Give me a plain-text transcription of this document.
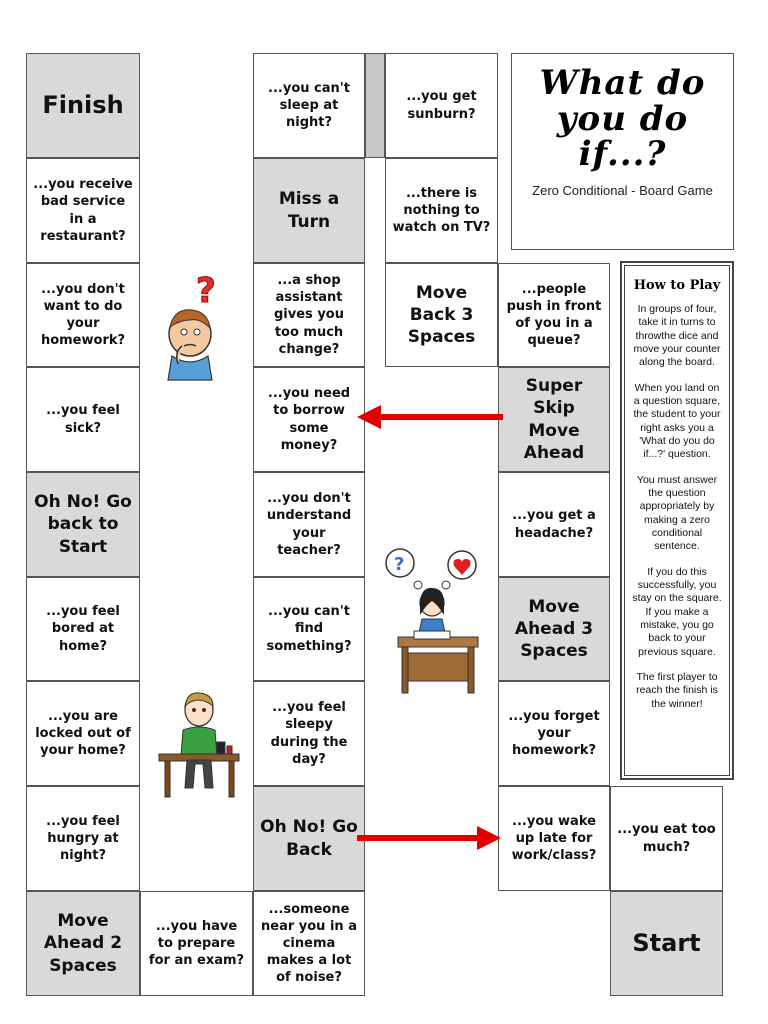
Finish
...you receive bad service in a restaurant?
...you don't want to do your homework?
...you feel sick?
Oh No! Go back to Start
...you feel bored at home?
...you are locked out of your home?
...you feel hungry at night?
Move Ahead 2 Spaces
...you have to prepare for an exam?
...you can't sleep at night?
Miss a Turn
...a shop assistant gives you too much change?
...you need to borrow some money?
...you don't understand your teacher?
...you can't find something?
...you feel sleepy during the day?
Oh No! Go Back
...someone near you in a cinema makes a lot of noise?
...you get sunburn?
...there is nothing to watch on TV?
Move Back 3 Spaces
...people push in front of you in a queue?
Super Skip Move Ahead
...you get a headache?
Move Ahead 3 Spaces
...you forget your homework?
...you wake up late for work/class?
...you eat too much?
Start
What do you do if...?
Zero Conditional - Board Game
How to Play

In groups of four, take it in turns to throwthe dice and move your counter along the board.

When you land on a question square, the student to your right asks you a 'What do you do if...?' question.

You must answer the question appropriately by making a zero conditional sentence.

If you do this successfully, you stay on the square. If you make a mistake, you go back to your previous square.

The first player to reach the finish is the winner!

?
?
